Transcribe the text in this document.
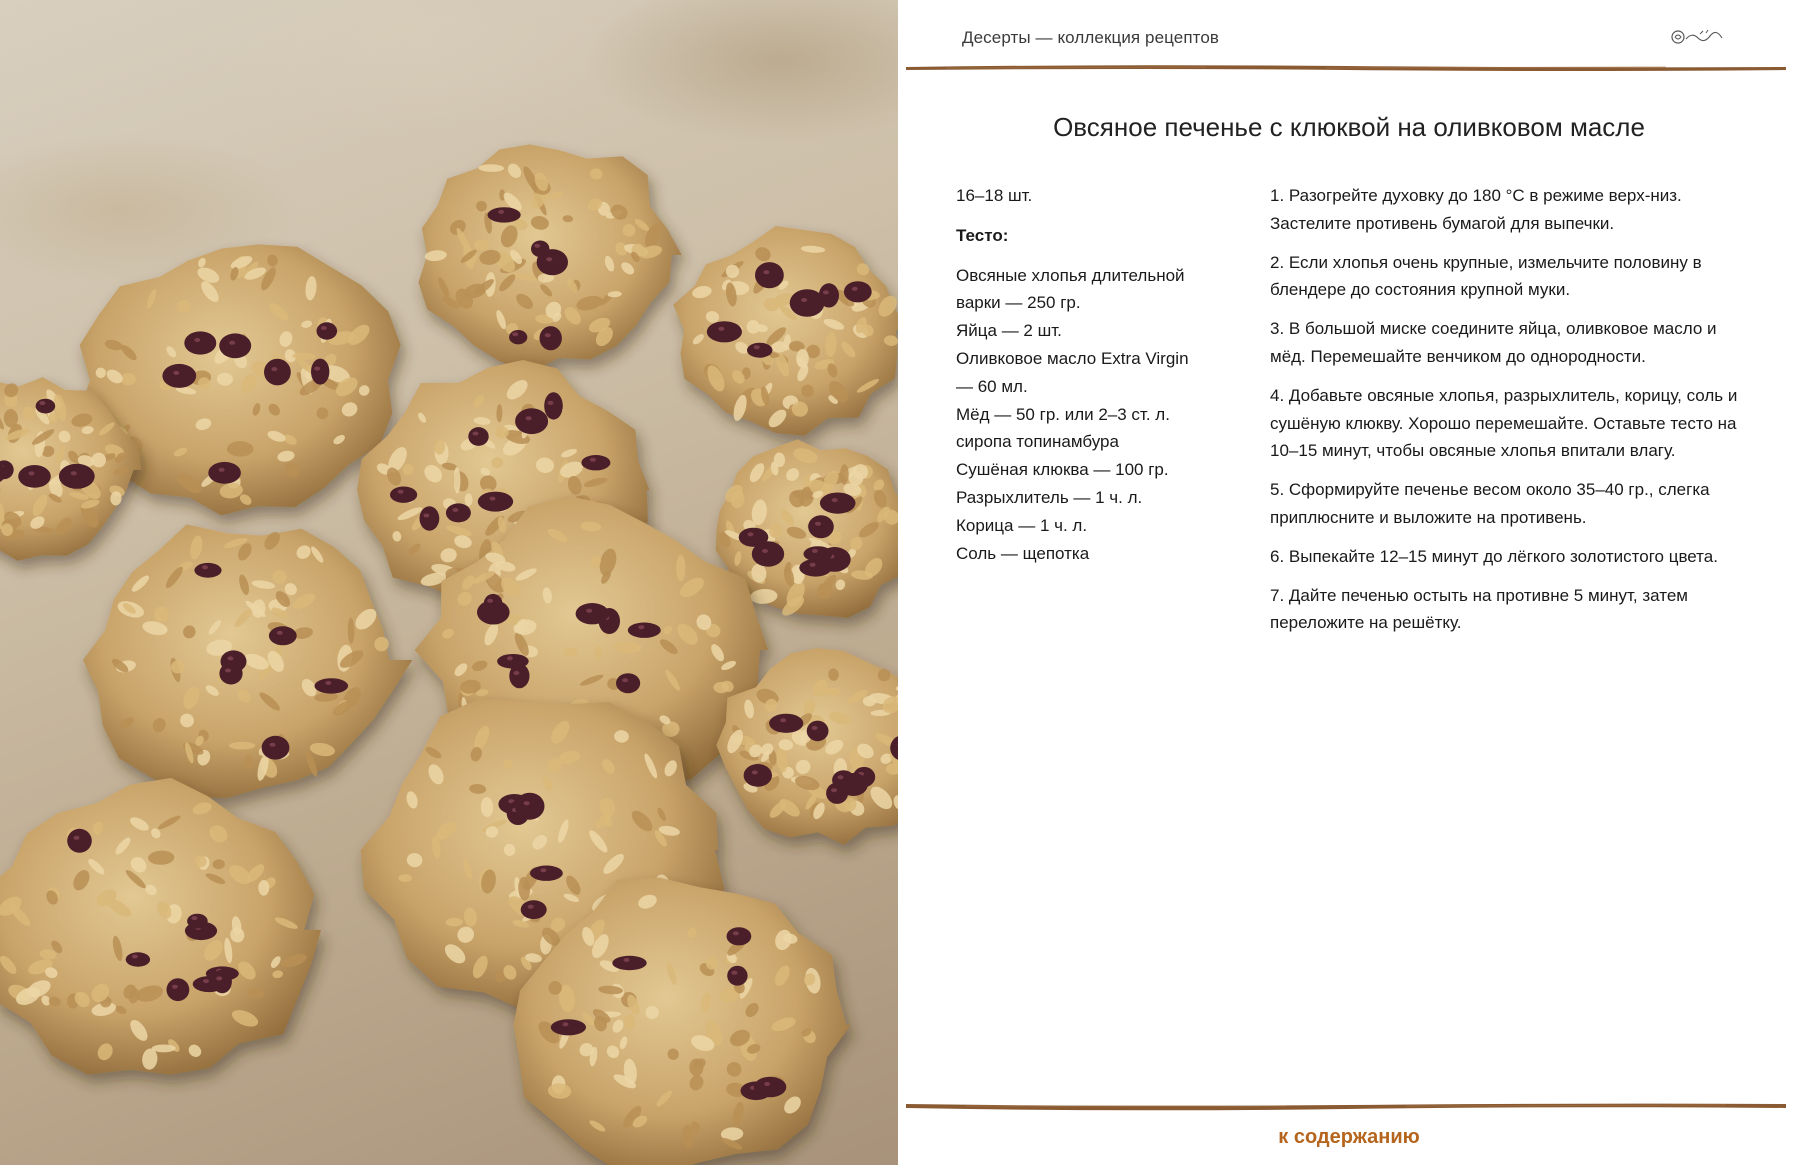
Десерты — коллекция рецептов
Овсяное печенье с клюквой на оливковом масле

16–18 шт.

Тесто:

Овсяные хлопья длительной
варки — 250 гр.
Яйца — 2 шт.
Оливковое масло Extra Virgin
— 60 мл.
Мёд — 50 гр. или 2–3 ст. л.
сиропа топинамбура
Сушёная клюква — 100 гр.
Разрыхлитель — 1 ч. л.
Корица — 1 ч. л.
Соль — щепотка

1. Разогрейте духовку до 180 °С в режиме верх-низ. Застелите противень бумагой для выпечки.

2. Если хлопья очень крупные, измельчите половину в блендере до состояния крупной муки.

3. В большой миске соедините яйца, оливковое масло и мёд. Перемешайте венчиком до однородности.

4. Добавьте овсяные хлопья, разрыхлитель, корицу, соль и сушёную клюкву. Хорошо перемешайте. Оставьте тесто на 10–15 минут, чтобы овсяные хлопья впитали влагу.

5. Сформируйте печенье весом около 35–40 гр., слегка приплюсните и выложите на противень.

6. Выпекайте 12–15 минут до лёгкого золотистого цвета.

7. Дайте печенью остыть на противне 5 минут, затем переложите на решётку.

к содержанию
